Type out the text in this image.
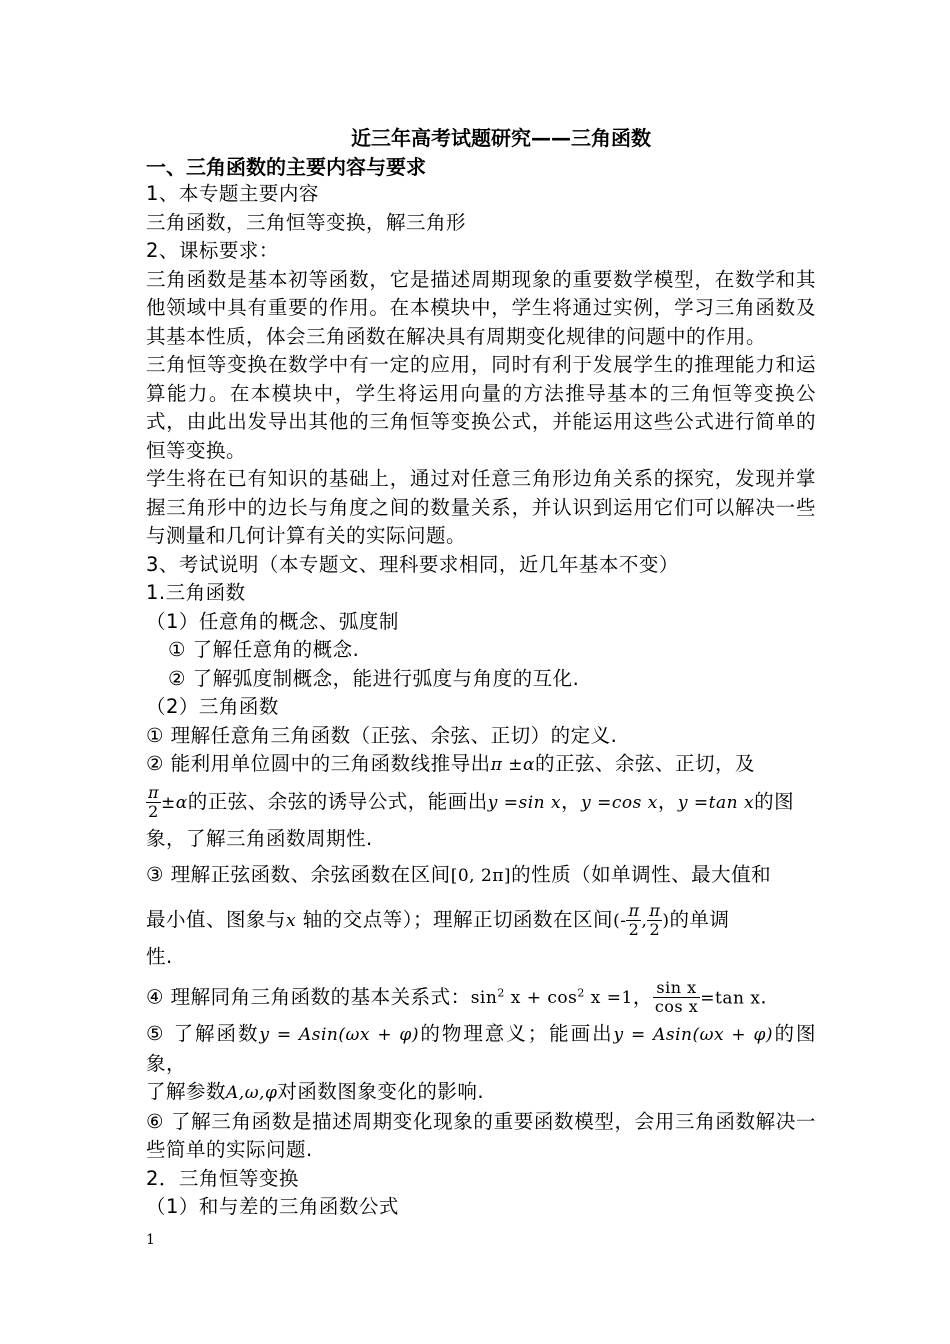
近三年高考试题研究——三角函数
一、三角函数的主要内容与要求
1、本专题主要内容
三角函数，三角恒等变换，解三角形
2、课标要求：
三角函数是基本初等函数，它是描述周期现象的重要数学模型，在数学和其他领域中具有重要的作用。在本模块中，学生将通过实例，学习三角函数及其基本性质，体会三角函数在解决具有周期变化规律的问题中的作用。
三角恒等变换在数学中有一定的应用，同时有利于发展学生的推理能力和运算能力。在本模块中，学生将运用向量的方法推导基本的三角恒等变换公式，由此出发导出其他的三角恒等变换公式，并能运用这些公式进行简单的恒等变换。
学生将在已有知识的基础上，通过对任意三角形边角关系的探究，发现并掌握三角形中的边长与角度之间的数量关系，并认识到运用它们可以解决一些与测量和几何计算有关的实际问题。
3、考试说明（本专题文、理科要求相同，近几年基本不变）
1.三角函数
（1）任意角的概念、弧度制
① 了解任意角的概念.
② 了解弧度制概念，能进行弧度与角度的互化.
（2）三角函数
① 理解任意角三角函数（正弦、余弦、正切）的定义.
② 能利用单位圆中的三角函数线推导出π ±α的正弦、余弦、正切，及
$\frac{\pi}{2} \pm\alpha$的正弦、余弦的诱导公式，能画出y =sin x，y =cos x，y =tan x的图
象，了解三角函数周期性.
③ 理解正弦函数、余弦函数在区间[0, 2π]的性质（如单调性、最大值和
最小值、图象与x 轴的交点等）；理解正切函数在区间(- $\frac{\pi}{2}$ , $\frac{\pi}{2}$ )的单调
性.
④ 理解同角三角函数的基本关系式：$\sin^2 x + \cos^2 x =1$， $\frac{\text{sin x}}{\text{cos x}} =\tan$ x.
⑤ 了解函数y = Asin(ωx + φ)的物理意义；能画出y = Asin(ωx + φ)的图象，
了解参数A,ω,φ对函数图象变化的影响.
⑥ 了解三角函数是描述周期变化现象的重要函数模型，会用三角函数解决一些简单的实际问题.
2．三角恒等变换
（1）和与差的三角函数公式
1
